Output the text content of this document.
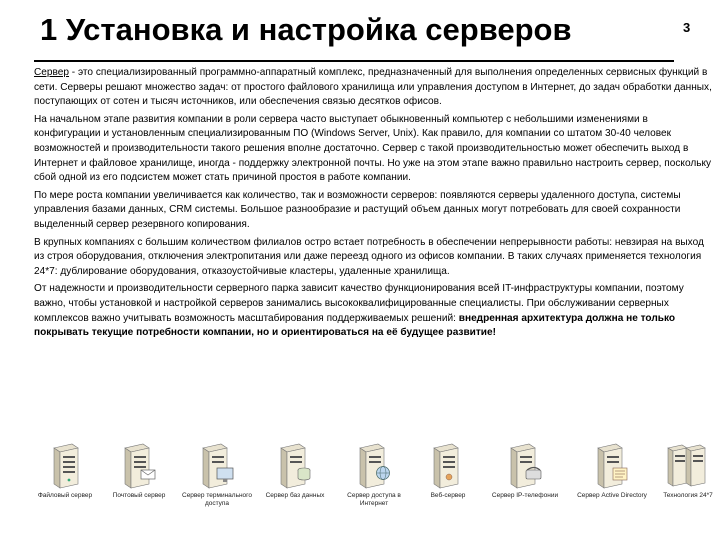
1 Установка и настройка серверов	3

Сервер - это специализированный программно-аппаратный комплекс, предназначенный для выполнения определенных сервисных функций в сети. Серверы решают множество задач: от простого файлового хранилища или управления доступом в Интернет, до задач обработки данных, поступающих от сотен и тысяч источников, или обеспечения связью десятков офисов.

На начальном этапе развития компании в роли сервера часто выступает обыкновенный компьютер с небольшими изменениями в конфигурации и установленным специализированным ПО (Windows Server, Unix). Как правило, для компании со штатом 30-40 человек возможностей и производительности такого решения вполне достаточно. Сервер с такой производительностью может обеспечить выход в Интернет и файловое хранилище, иногда - поддержку электронной почты. Но уже на этом этапе важно правильно настроить сервер, поскольку сбой одной из его подсистем может стать причиной простоя в работе компании.

По мере роста компании увеличивается как количество, так и возможности серверов: появляются серверы удаленного доступа, системы управления базами данных, CRM системы. Большое разнообразие и растущий объем данных могут потребовать для своей сохранности выделенный сервер резервного копирования.

В крупных компаниях с большим количеством филиалов остро встает потребность в обеспечении непрерывности работы: невзирая на выход из строя оборудования, отключения электропитания или даже переезд одного из офисов компании. В таких случаях применяется технология 24*7: дублирование оборудования, отказоустойчивые кластеры, удаленные хранилища.

От надежности и производительности серверного парка зависит качество функционирования всей IT-инфраструктуры компании, поэтому важно, чтобы установкой и настройкой серверов занимались высококвалифицированные специалисты. При обслуживании серверных комплексов важно учитывать возможность масштабирования поддерживаемых решений: внедренная архитектура должна не только покрывать текущие потребности компании, но и ориентироваться на её будущее развитие!

Файловый сервер	Почтовый сервер	Сервер терминального доступа
Сервер баз данных	Сервер доступа в Интернет
Веб-сервер	Сервер IP-телефонии	Сервер Active Directory	Технология 24*7
